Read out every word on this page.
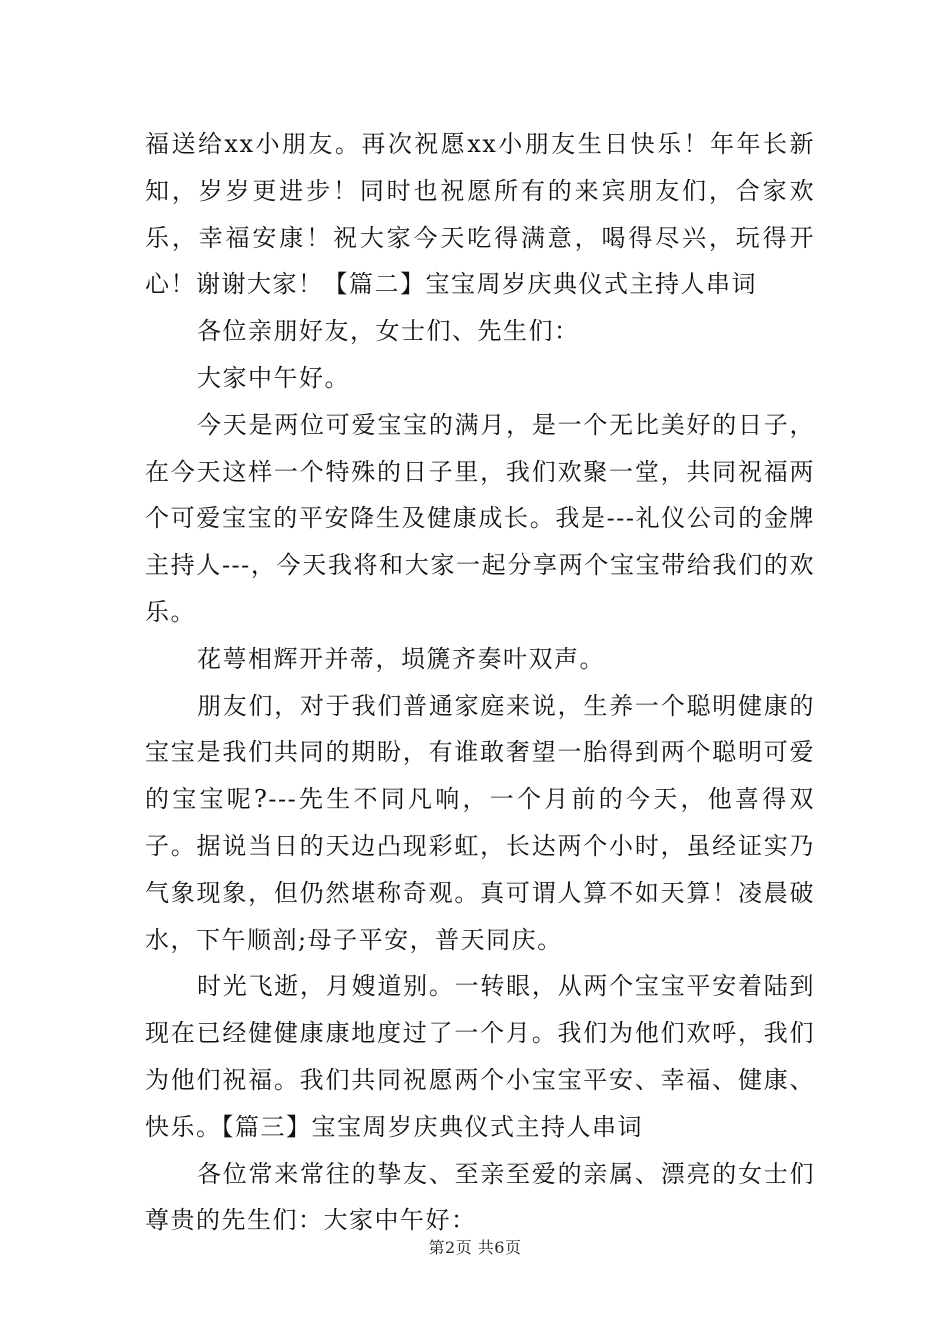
福送给xx小朋友。再次祝愿xx小朋友生日快乐！年年长新知，岁岁更进步！同时也祝愿所有的来宾朋友们，合家欢乐，幸福安康！祝大家今天吃得满意，喝得尽兴，玩得开心！谢谢大家！【篇二】宝宝周岁庆典仪式主持人串词

各位亲朋好友，女士们、先生们：

大家中午好。

今天是两位可爱宝宝的满月，是一个无比美好的日子，在今天这样一个特殊的日子里，我们欢聚一堂，共同祝福两个可爱宝宝的平安降生及健康成长。我是---礼仪公司的金牌主持人---，今天我将和大家一起分享两个宝宝带给我们的欢乐。

花萼相辉开并蒂，埙篪齐奏叶双声。

朋友们，对于我们普通家庭来说，生养一个聪明健康的宝宝是我们共同的期盼，有谁敢奢望一胎得到两个聪明可爱的宝宝呢?---先生不同凡响，一个月前的今天，他喜得双子。据说当日的天边凸现彩虹，长达两个小时，虽经证实乃气象现象，但仍然堪称奇观。真可谓人算不如天算！凌晨破水，下午顺剖;母子平安，普天同庆。

时光飞逝，月嫂道别。一转眼，从两个宝宝平安着陆到现在已经健健康康地度过了一个月。我们为他们欢呼，我们为他们祝福。我们共同祝愿两个小宝宝平安、幸福、健康、快乐。【篇三】宝宝周岁庆典仪式主持人串词

各位常来常往的挚友、至亲至爱的亲属、漂亮的女士们尊贵的先生们：大家中午好：

第2页 共6页
